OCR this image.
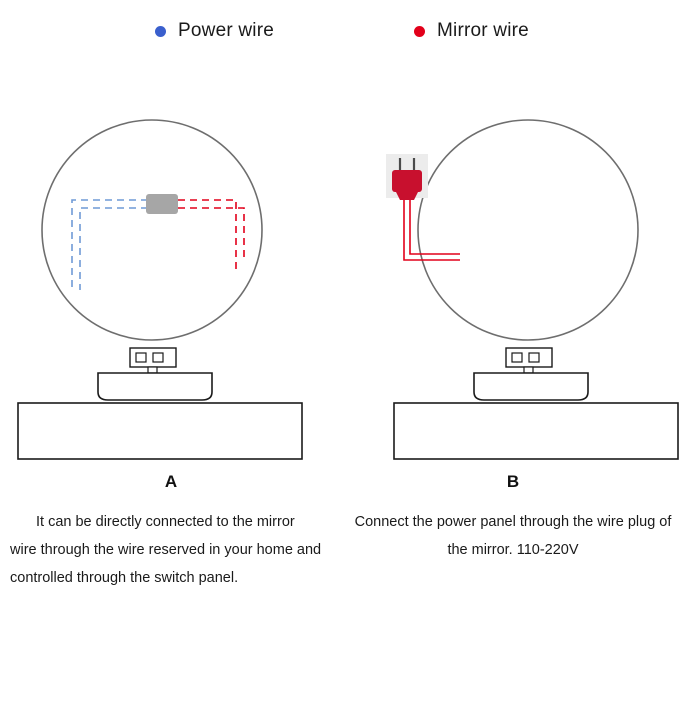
Power wire	Mirror wire
A
It can be directly connected to the mirror wire through the wire reserved in your home and controlled through the switch panel.
B
Connect the power panel through the wire plug of the mirror. 110-220V
